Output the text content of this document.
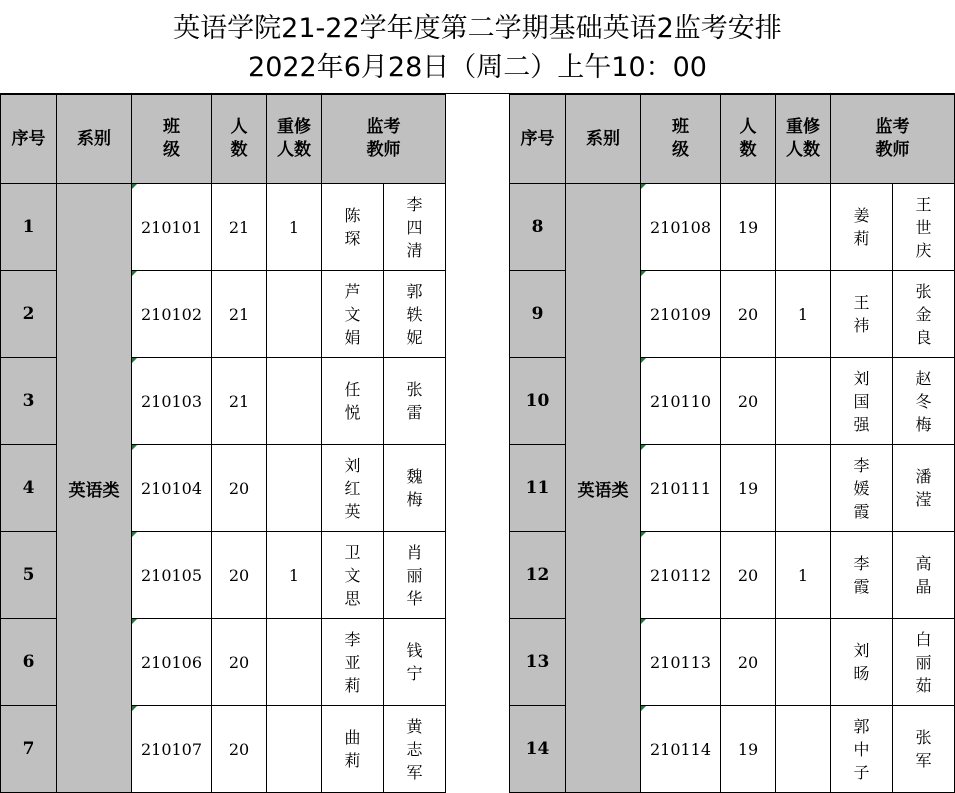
英语学院21-22学年度第二学期基础英语2监考安排
2022年6月28日（周二）上午10：00
序号	系别	班级	人数	重修人数	监考教师	
1	英语类	210101	21	1	陈琛	李四清
2		210102	21		芦文娟	郭轶妮
3		210103	21		任悦	张雷
4		210104	20		刘红英	魏梅
5		210105	20	1	卫文思	肖丽华
6		210106	20		李亚莉	钱宁
7		210107	20		曲莉	黄志军
序号	系别	班级	人数	重修人数	监考教师	
8	英语类	210108	19		姜莉	王世庆
9		210109	20	1	王祎	张金良
10		210110	20		刘国强	赵冬梅
11		210111	19		李媛霞	潘滢
12		210112	20	1	李霞	高晶
13		210113	20		刘旸	白丽茹
14		210114	19		郭中子	张军
